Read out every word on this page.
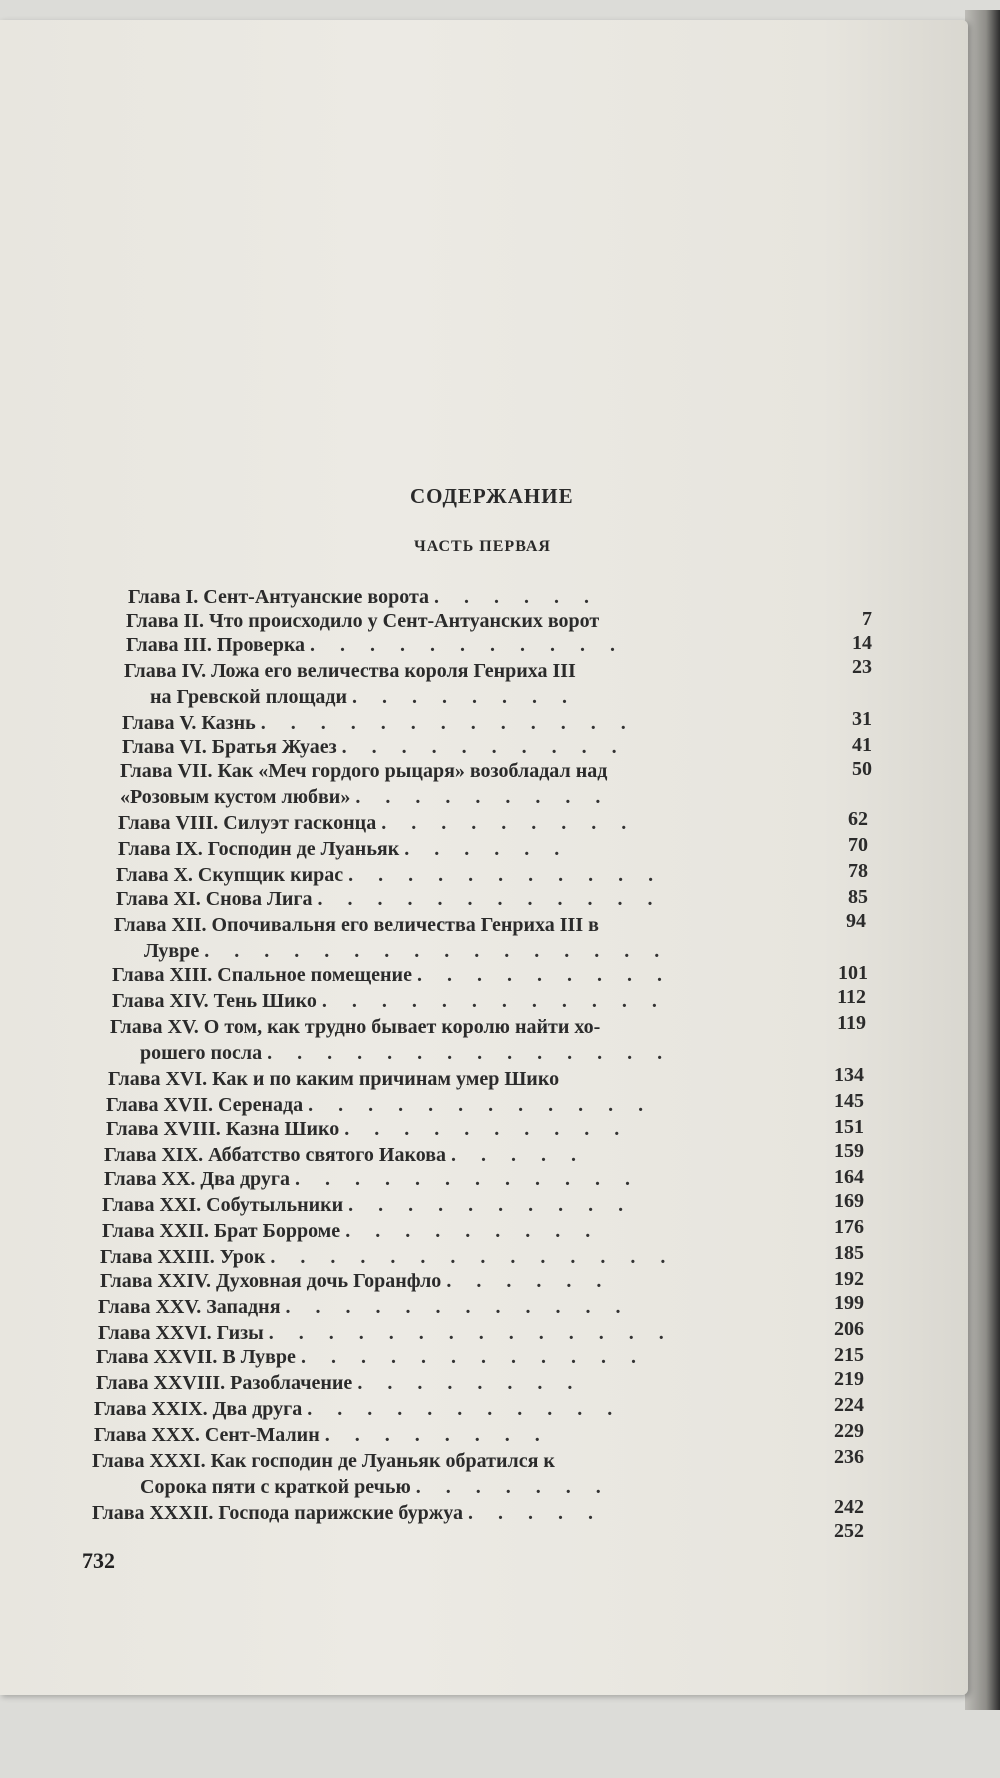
СОДЕРЖАНИЕ
ЧАСТЬ ПЕРВАЯ
Глава I. Сент-Антуанские ворота . . . . . .
7
Глава II. Что происходило у Сент-Антуанских ворот
14
Глава III. Проверка . . . . . . . . . . .
23
Глава IV. Ложа его величества короля Генриха III
на Гревской площади . . . . . . . .
31
Глава V. Казнь . . . . . . . . . . . . .
41
Глава VI. Братья Жуаез . . . . . . . . . .
50
Глава VII. Как «Меч гордого рыцаря» возобладал над
«Розовым кустом любви» . . . . . . . . .
62
Глава VIII. Силуэт гасконца . . . . . . . . .
70
Глава IX. Господин де Луаньяк . . . . . .
78
Глава X. Скупщик кирас . . . . . . . . . . .
85
Глава XI. Снова Лига . . . . . . . . . . . .
94
Глава XII. Опочивальня его величества Генриха III в
Лувре . . . . . . . . . . . . . . . .
101
Глава XIII. Спальное помещение . . . . . . . . .
112
Глава XIV. Тень Шико . . . . . . . . . . . .
119
Глава XV. О том, как трудно бывает королю найти хо-
рошего посла . . . . . . . . . . . . . .
134
Глава XVI. Как и по каким причинам умер Шико
145
Глава XVII. Серенада . . . . . . . . . . . .
151
Глава XVIII. Казна Шико . . . . . . . . . .
159
Глава XIX. Аббатство святого Иакова . . . . .
164
Глава XX. Два друга . . . . . . . . . . . .
169
Глава XXI. Собутыльники . . . . . . . . . .
176
Глава XXII. Брат Борроме . . . . . . . . .
185
Глава XXIII. Урок . . . . . . . . . . . . . .
192
Глава XXIV. Духовная дочь Горанфло . . . . . .
199
Глава XXV. Западня . . . . . . . . . . . .
206
Глава XXVI. Гизы . . . . . . . . . . . . . .
215
Глава XXVII. В Лувре . . . . . . . . . . . .
219
Глава XXVIII. Разоблачение . . . . . . . .
224
Глава XXIX. Два друга . . . . . . . . . . .
229
Глава XXX. Сент-Малин . . . . . . . .
236
Глава XXXI. Как господин де Луаньяк обратился к
Сорока пяти с краткой речью . . . . . . .
242
Глава XXXII. Господа парижские буржуа . . . . .
252
732
